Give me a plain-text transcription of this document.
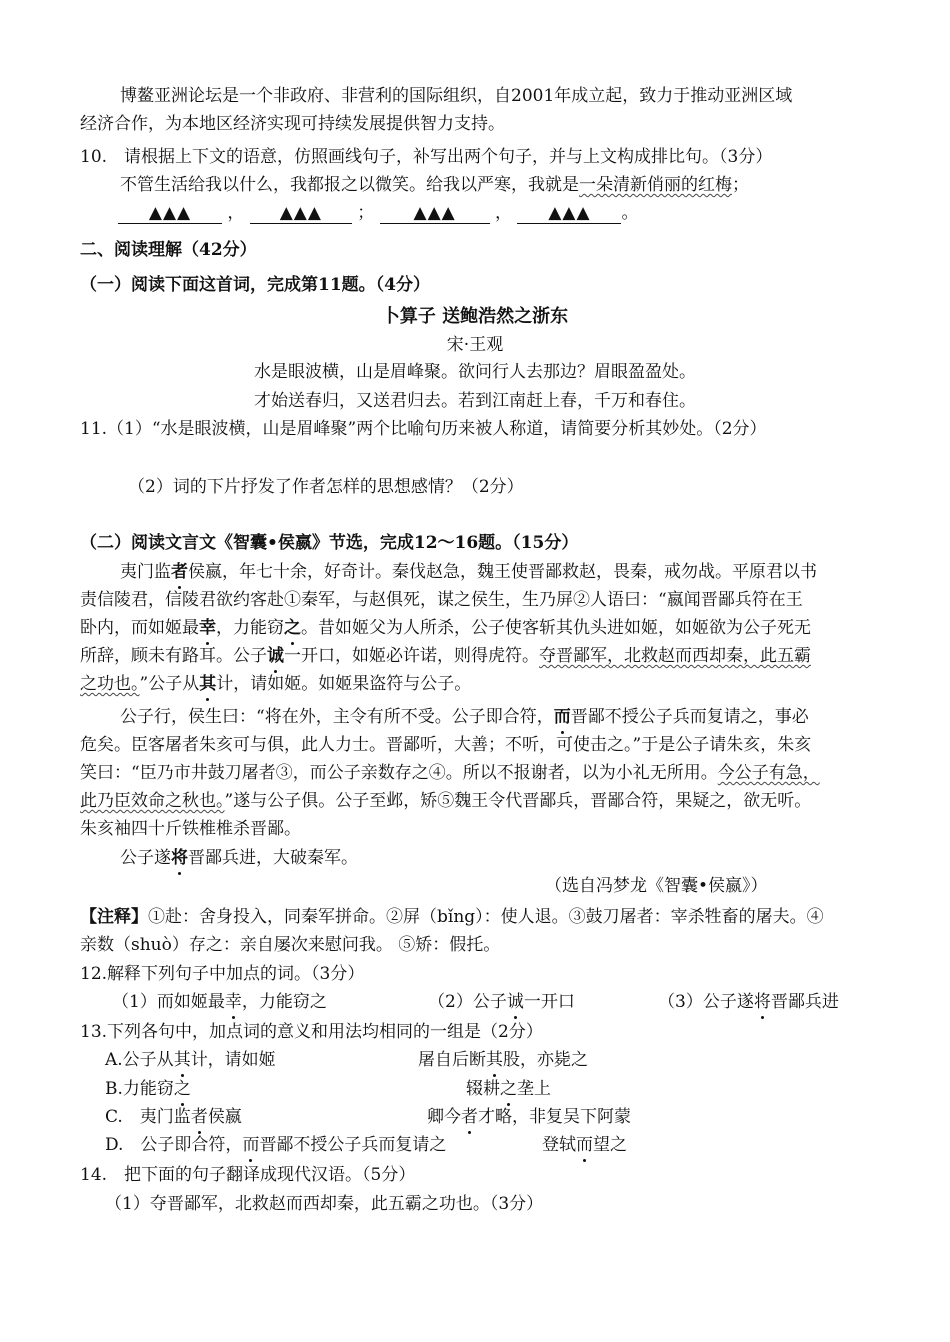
博鳌亚洲论坛是一个非政府、非营利的国际组织，自2001年成立起，致力于推动亚洲区域
经济合作，为本地区经济实现可持续发展提供智力支持。
10.　请根据上下文的语意，仿照画线句子，补写出两个句子，并与上文构成排比句。（3分）
不管生活给我以什么，我都报之以微笑。给我以严寒，我就是一朵清新俏丽的红梅；
▲▲▲ ， ▲▲▲ ； ▲▲▲ ， ▲▲▲ 。
二、阅读理解（42分）
（一）阅读下面这首词，完成第11题。（4分）
卜算子 送鲍浩然之浙东
宋·王观
水是眼波横，山是眉峰聚。欲问行人去那边？眉眼盈盈处。
才始送春归，又送君归去。若到江南赶上春，千万和春住。
11.（1）“水是眼波横，山是眉峰聚”两个比喻句历来被人称道，请简要分析其妙处。（2分）
（2）词的下片抒发了作者怎样的思想感情？（2分）
（二）阅读文言文《智囊•侯嬴》节选，完成12～16题。（15分）
夷门监者侯嬴，年七十余，好奇计。秦伐赵急，魏王使晋鄙救赵，畏秦，戒勿战。平原君以书
责信陵君，信陵君欲约客赴①秦军，与赵俱死，谋之侯生，生乃屏②人语曰：“嬴闻晋鄙兵符在王
卧内，而如姬最幸，力能窃之。昔如姬父为人所杀，公子使客斩其仇头进如姬，如姬欲为公子死无
所辞，顾未有路耳。公子诚一开口，如姬必许诺，则得虎符。夺晋鄙军，北救赵而西却秦，此五霸
之功也。”公子从其计，请如姬。如姬果盗符与公子。
公子行，侯生曰：“将在外，主令有所不受。公子即合符，而晋鄙不授公子兵而复请之，事必
危矣。臣客屠者朱亥可与俱，此人力士。晋鄙听，大善；不听，可使击之。”于是公子请朱亥，朱亥
笑曰：“臣乃市井鼓刀屠者③，而公子亲数存之④。所以不报谢者，以为小礼无所用。今公子有急，
此乃臣效命之秋也。”遂与公子俱。公子至邺，矫⑤魏王令代晋鄙兵，晋鄙合符，果疑之，欲无听。
朱亥袖四十斤铁椎椎杀晋鄙。
公子遂将晋鄙兵进，大破秦军。
（选自冯梦龙《智囊•侯嬴》）
【注释】①赴：舍身投入，同秦军拼命。②屏（bǐng）：使人退。③鼓刀屠者：宰杀牲畜的屠夫。④
亲数（shuò）存之：亲自屡次来慰问我。 ⑤矫：假托。
12.解释下列句子中加点的词。（3分）
（1）而如姬最幸，力能窃之	（2）公子诚一开口	（3）公子遂将晋鄙兵进
13.下列各句中，加点词的意义和用法均相同的一组是（2分）
A.公子从其计，请如姬	屠自后断其股，亦毙之
B.力能窃之	辍耕之垄上
C.　夷门监者侯嬴	卿今者才略，非复吴下阿蒙
D.　公子即合符，而晋鄙不授公子兵而复请之	登轼而望之
14.　把下面的句子翻译成现代汉语。（5分）
（1）夺晋鄙军，北救赵而西却秦，此五霸之功也。（3分）
